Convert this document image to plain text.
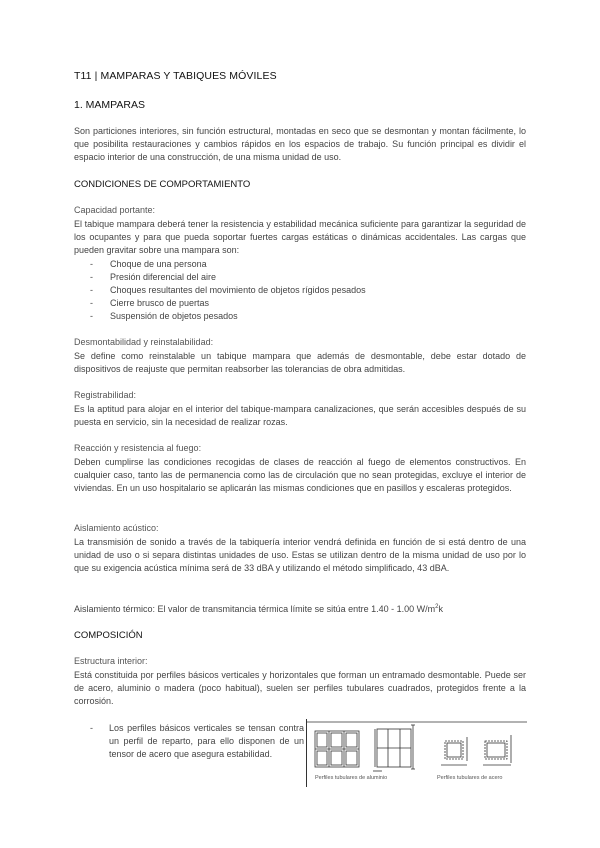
T11 | MAMPARAS Y TABIQUES MÓVILES
1. MAMPARAS
Son particiones interiores, sin función estructural, montadas en seco que se desmontan y montan fácilmente, lo que posibilita restauraciones y cambios rápidos en los espacios de trabajo. Su función principal es dividir el espacio interior de una construcción, de una misma unidad de uso.
CONDICIONES DE COMPORTAMIENTO
Capacidad portante:
El tabique mampara deberá tener la resistencia y estabilidad mecánica suficiente para garantizar la seguridad de los ocupantes y para que pueda soportar fuertes cargas estáticas o dinámicas accidentales. Las cargas que pueden gravitar sobre una mampara son:
- Choque de una persona
- Presión diferencial del aire
- Choques resultantes del movimiento de objetos rígidos pesados
- Cierre brusco de puertas
- Suspensión de objetos pesados
Desmontabilidad y reinstalabilidad:
Se define como reinstalable un tabique mampara que además de desmontable, debe estar dotado de dispositivos de reajuste que permitan reabsorber las tolerancias de obra admitidas.
Registrabilidad:
Es la aptitud para alojar en el interior del tabique-mampara canalizaciones, que serán accesibles después de su puesta en servicio, sin la necesidad de realizar rozas.
Reacción y resistencia al fuego:
Deben cumplirse las condiciones recogidas de clases de reacción al fuego de elementos constructivos. En cualquier caso, tanto las de permanencia como las de circulación que no sean protegidas, excluye el interior de viviendas. En un uso hospitalario se aplicarán las mismas condiciones que en pasillos y escaleras protegidos.
Aislamiento acústico:
La transmisión de sonido a través de la tabiquería interior vendrá definida en función de si está dentro de una unidad de uso o si separa distintas unidades de uso. Estas se utilizan dentro de la misma unidad de uso por lo que su exigencia acústica mínima será de 33 dBA y utilizando el método simplificado, 43 dBA.
Aislamiento térmico: El valor de transmitancia térmica límite se sitúa entre 1.40 - 1.00 $W/m^2k$
COMPOSICIÓN
Estructura interior:
Está constituida por perfiles básicos verticales y horizontales que forman un entramado desmontable. Puede ser de acero, aluminio o madera (poco habitual), suelen ser perfiles tubulares cuadrados, protegidos frente a la corrosión.
-	Los perfiles básicos verticales se tensan contra un perfil de reparto, para ello disponen de un tensor de acero que asegura estabilidad.
Perfiles tubulares de aluminio	Perfiles tubulares de acero
